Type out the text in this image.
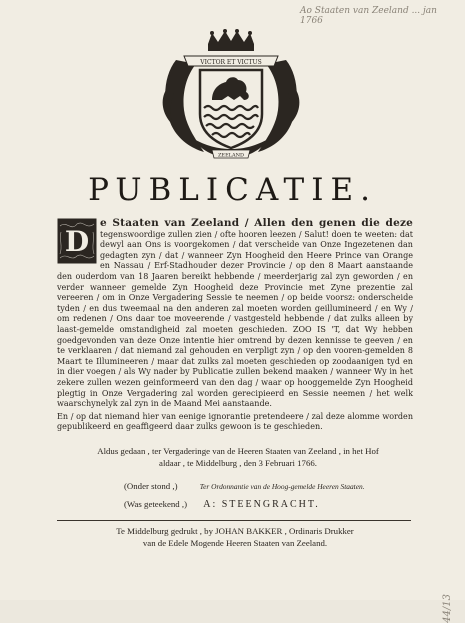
Ao Staaten van Zeeland ... jan 1766
VICTOR ET VICTUS
ZEELAND
PUBLICATIE.
D
e Staaten van Zeeland / Allen den genen die deze tegenswoordige zullen zien / ofte hooren leezen / Salut! doen te weeten: dat dewyl aan Ons is voorgekomen / dat verscheide van Onze Ingezetenen dan gedagten zyn / dat / wanneer Zyn Hoogheid den Heere Prince van Orange en Nassau / Erf-Stadhouder dezer Provincie / op den 8 Maart aanstaande den ouderdom van 18 Jaaren bereikt hebbende / meerderjarig zal zyn geworden / en verder wanneer gemelde Zyn Hoogheid deze Provincie met Zyne prezentie zal vereeren / om in Onze Vergadering Sessie te neemen / op beide voorsz: onderscheide tyden / en dus tweemaal na den anderen zal moeten worden geillumineerd / en Wy / om redenen / Ons daar toe moveerende / vastgesteld hebbende / dat zulks alleen by laast-gemelde omstandigheid zal moeten geschieden. ZOO IS 'T, dat Wy hebben goedgevonden van deze Onze intentie hier omtrend by dezen kennisse te geeven / en te verklaaren / dat niemand zal gehouden en verpligt zyn / op den vooren-gemelden 8 Maart te Illumineeren / maar dat zulks zal moeten geschieden op zoodaanigen tyd en in dier voegen / als Wy nader by Publicatie zullen bekend maaken / wanneer Wy in het zekere zullen wezen geinformeerd van den dag / waar op hooggemelde Zyn Hoogheid plegtig in Onze Vergadering zal worden gerecipieerd en Sessie neemen / het welk waarschynelyk zal zyn in de Maand Mei aanstaande.
En / op dat niemand hier van eenige ignorantie pretendeere / zal deze alomme worden gepublikeerd en geaffigeerd daar zulks gewoon is te geschieden.
Aldus gedaan , ter Vergaderinge van de Heeren Staaten van Zeeland , in het Hof
aldaar , te Middelburg , den 3 Februari 1766.
(Onder stond ,)	Ter Ordonnantie van de Hoog-gemelde Heeren Staaten.
(Was geteekend ,) A: STEENGRACHT.
Te Middelburg gedrukt , by JOHAN BAKKER , Ordinaris Drukker
van de Edele Mogende Heeren Staaten van Zeeland.
44/13
